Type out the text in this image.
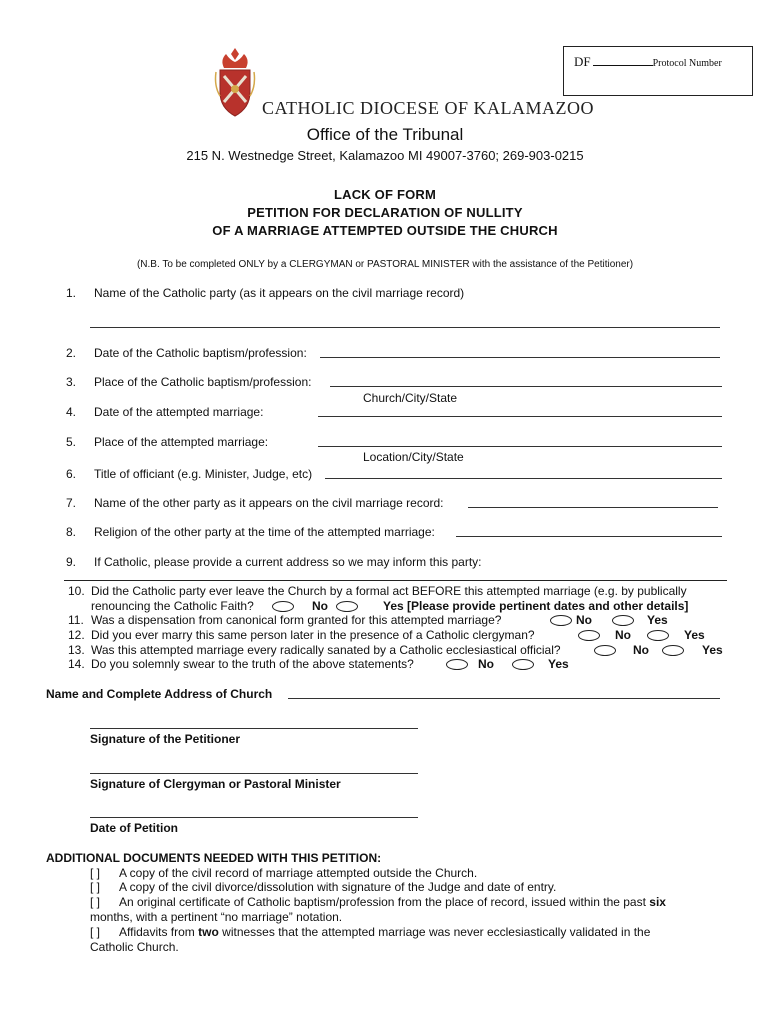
DF	Protocol Number
CATHOLIC DIOCESE OF KALAMAZOO
Office of the Tribunal
215 N. Westnedge Street, Kalamazoo MI 49007-3760; 269-903-0215
LACK OF FORM
PETITION FOR DECLARATION OF NULLITY
OF A MARRIAGE ATTEMPTED OUTSIDE THE CHURCH
(N.B. To be completed ONLY by a CLERGYMAN or PASTORAL MINISTER with the assistance of the Petitioner)
1. Name of the Catholic party (as it appears on the civil marriage record)
2. Date of the Catholic baptism/profession:
3. Place of the Catholic baptism/profession:
Church/City/State
4. Date of the attempted marriage:
5. Place of the attempted marriage:
Location/City/State
6. Title of officiant (e.g. Minister, Judge, etc)
7. Name of the other party as it appears on the civil marriage record:
8. Religion of the other party at the time of the attempted marriage:
9. If Catholic, please provide a current address so we may inform this party:
10. Did the Catholic party ever leave the Church by a formal act BEFORE this attempted marriage (e.g. by publically
renouncing the Catholic Faith?	No	Yes [Please provide pertinent dates and other details]
11. Was a dispensation from canonical form granted for this attempted marriage?	No	Yes
12. Did you ever marry this same person later in the presence of a Catholic clergyman?	No	Yes
13. Was this attempted marriage every radically sanated by a Catholic ecclesiastical official?	No	Yes
14. Do you solemnly swear to the truth of the above statements?	No	Yes
Name and Complete Address of Church
Signature of the Petitioner
Signature of Clergyman or Pastoral Minister
Date of Petition
ADDITIONAL DOCUMENTS NEEDED WITH THIS PETITION:
[ ] A copy of the civil record of marriage attempted outside the Church.
[ ] A copy of the civil divorce/dissolution with signature of the Judge and date of entry.
[ ] An original certificate of Catholic baptism/profession from the place of record, issued within the past six
months, with a pertinent “no marriage” notation.
[ ] Affidavits from two witnesses that the attempted marriage was never ecclesiastically validated in the
Catholic Church.
